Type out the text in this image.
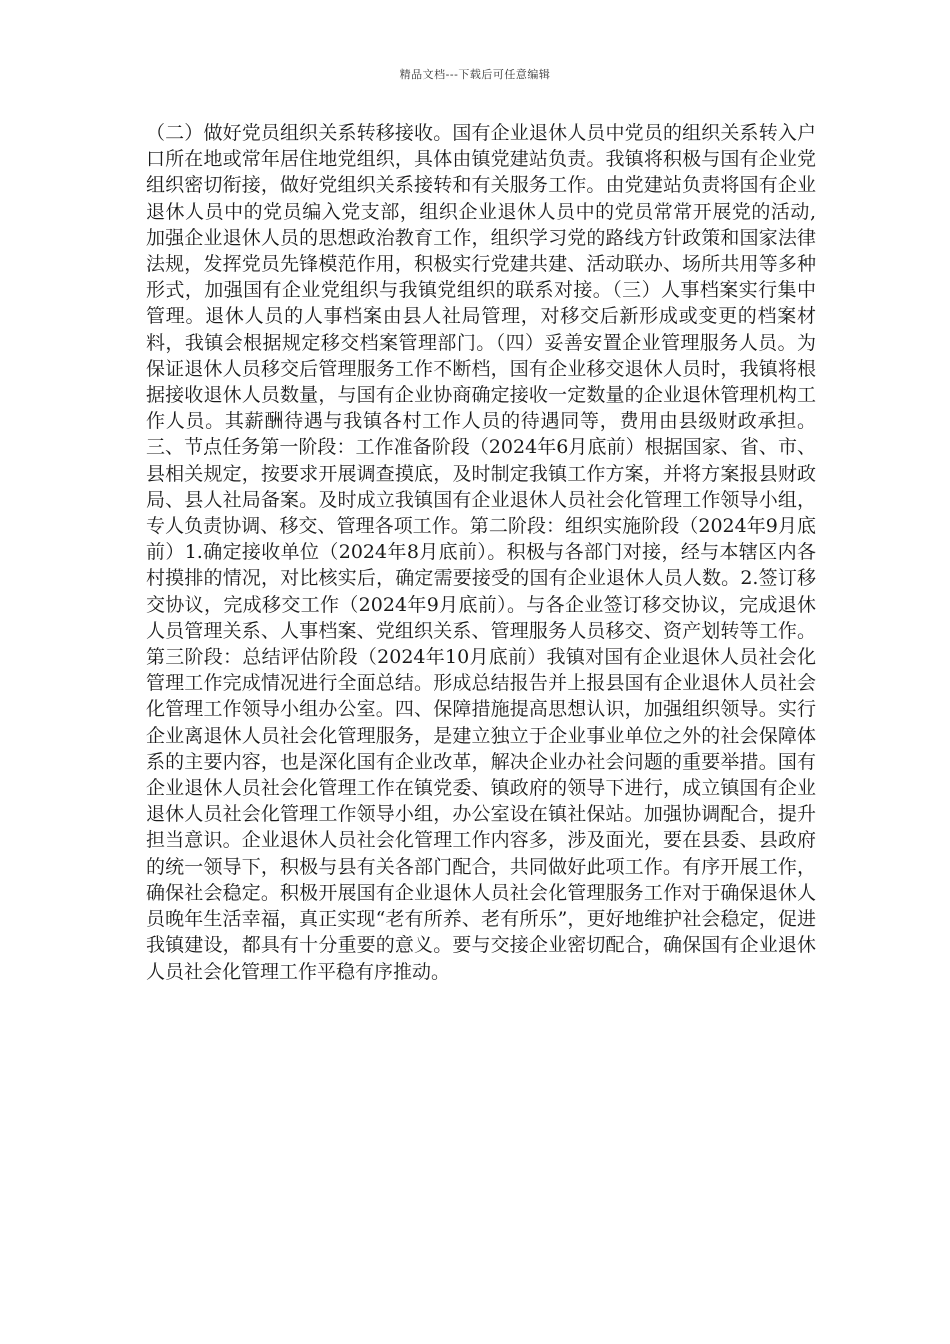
精品文档---下载后可任意编辑

（二）做好党员组织关系转移接收。国有企业退休人员中党员的组织关系转入户口所在地或常年居住地党组织，具体由镇党建站负责。我镇将积极与国有企业党组织密切衔接，做好党组织关系接转和有关服务工作。由党建站负责将国有企业退休人员中的党员编入党支部，组织企业退休人员中的党员常常开展党的活动,加强企业退休人员的思想政治教育工作，组织学习党的路线方针政策和国家法律法规，发挥党员先锋模范作用，积极实行党建共建、活动联办、场所共用等多种形式，加强国有企业党组织与我镇党组织的联系对接。（三）人事档案实行集中管理。退休人员的人事档案由县人社局管理，对移交后新形成或变更的档案材料，我镇会根据规定移交档案管理部门。（四）妥善安置企业管理服务人员。为保证退休人员移交后管理服务工作不断档，国有企业移交退休人员时，我镇将根据接收退休人员数量，与国有企业协商确定接收一定数量的企业退休管理机构工作人员。其薪酬待遇与我镇各村工作人员的待遇同等，费用由县级财政承担。三、节点任务第一阶段：工作准备阶段（2024年6月底前）根据国家、省、市、县相关规定，按要求开展调查摸底，及时制定我镇工作方案，并将方案报县财政局、县人社局备案。及时成立我镇国有企业退休人员社会化管理工作领导小组，专人负责协调、移交、管理各项工作。第二阶段：组织实施阶段（2024年9月底前）1.确定接收单位（2024年8月底前）。积极与各部门对接，经与本辖区内各村摸排的情况，对比核实后，确定需要接受的国有企业退休人员人数。2.签订移交协议，完成移交工作（2024年9月底前）。与各企业签订移交协议，完成退休人员管理关系、人事档案、党组织关系、管理服务人员移交、资产划转等工作。第三阶段：总结评估阶段（2024年10月底前）我镇对国有企业退休人员社会化管理工作完成情况进行全面总结。形成总结报告并上报县国有企业退休人员社会化管理工作领导小组办公室。四、保障措施提高思想认识，加强组织领导。实行企业离退休人员社会化管理服务，是建立独立于企业事业单位之外的社会保障体系的主要内容，也是深化国有企业改革，解决企业办社会问题的重要举措。国有企业退休人员社会化管理工作在镇党委、镇政府的领导下进行，成立镇国有企业退休人员社会化管理工作领导小组，办公室设在镇社保站。加强协调配合，提升担当意识。企业退休人员社会化管理工作内容多，涉及面光，要在县委、县政府的统一领导下，积极与县有关各部门配合，共同做好此项工作。有序开展工作，确保社会稳定。积极开展国有企业退休人员社会化管理服务工作对于确保退休人员晚年生活幸福，真正实现“老有所养、老有所乐”，更好地维护社会稳定，促进我镇建设，都具有十分重要的意义。要与交接企业密切配合，确保国有企业退休人员社会化管理工作平稳有序推动。
